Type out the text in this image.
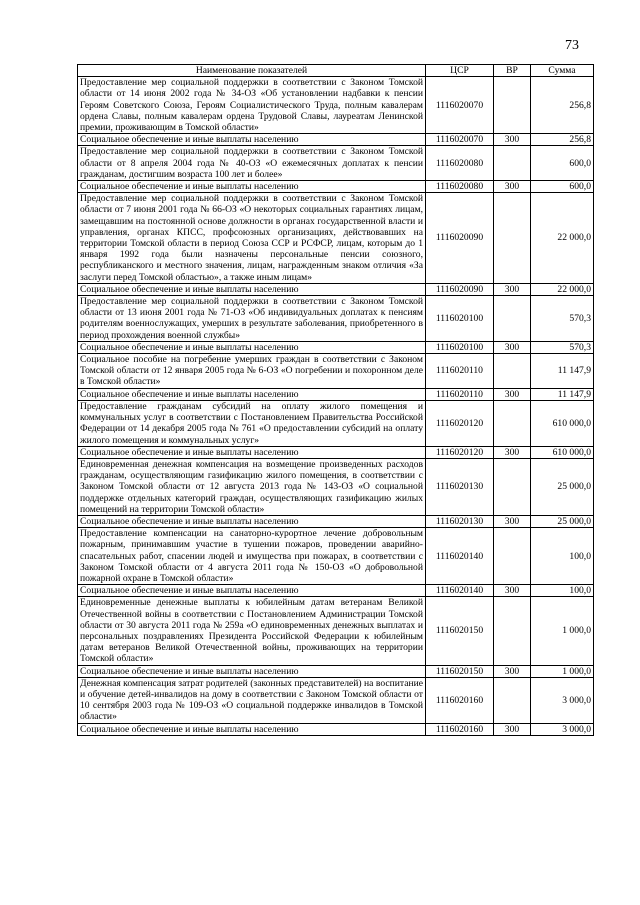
73
Наименование показателей	ЦСР	ВР	Сумма
Предоставление мер социальной поддержки в соответствии с Законом Томской области от 14 июня 2002 года № 34-ОЗ «Об установлении надбавки к пенсии Героям Советского Союза, Героям Социалистического Труда, полным кавалерам ордена Славы, полным кавалерам ордена Трудовой Славы, лауреатам Ленинской премии, проживающим в Томской области»	1116020070		256,8
Социальное обеспечение и иные выплаты населению	1116020070	300	256,8
Предоставление мер социальной поддержки в соответствии с Законом Томской области от 8 апреля 2004 года № 40-ОЗ «О ежемесячных доплатах к пенсии гражданам, достигшим возраста 100 лет и более»	1116020080		600,0
Социальное обеспечение и иные выплаты населению	1116020080	300	600,0
Предоставление мер социальной поддержки в соответствии с Законом Томской области от 7 июня 2001 года № 66-ОЗ «О некоторых социальных гарантиях лицам, замещавшим на постоянной основе должности в органах государственной власти и управления, органах КПСС, профсоюзных организациях, действовавших на территории Томской области в период Союза ССР и РСФСР, лицам, которым до 1 января 1992 года были назначены персональные пенсии союзного, республиканского и местного значения, лицам, награжденным знаком отличия «За заслуги перед Томской областью», а также иным лицам»	1116020090		22 000,0
Социальное обеспечение и иные выплаты населению	1116020090	300	22 000,0
Предоставление мер социальной поддержки в соответствии с Законом Томской области от 13 июня 2001 года № 71-ОЗ «Об индивидуальных доплатах к пенсиям родителям военнослужащих, умерших в результате заболевания, приобретенного в период прохождения военной службы»	1116020100		570,3
Социальное обеспечение и иные выплаты населению	1116020100	300	570,3
Социальное пособие на погребение умерших граждан в соответствии с Законом Томской области от 12 января 2005 года № 6-ОЗ «О погребении и похоронном деле в Томской области»	1116020110		11 147,9
Социальное обеспечение и иные выплаты населению	1116020110	300	11 147,9
Предоставление гражданам субсидий на оплату жилого помещения и коммунальных услуг в соответствии с Постановлением Правительства Российской Федерации от 14 декабря 2005 года № 761 «О предоставлении субсидий на оплату жилого помещения и коммунальных услуг»	1116020120		610 000,0
Социальное обеспечение и иные выплаты населению	1116020120	300	610 000,0
Единовременная денежная компенсация на возмещение произведенных расходов гражданам, осуществляющим газификацию жилого помещения, в соответствии с Законом Томской области от 12 августа 2013 года № 143-ОЗ «О социальной поддержке отдельных категорий граждан, осуществляющих газификацию жилых помещений на территории Томской области»	1116020130		25 000,0
Социальное обеспечение и иные выплаты населению	1116020130	300	25 000,0
Предоставление компенсации на санаторно-курортное лечение добровольным пожарным, принимавшим участие в тушении пожаров, проведении аварийно-спасательных работ, спасении людей и имущества при пожарах, в соответствии с Законом Томской области от 4 августа 2011 года № 150-ОЗ «О добровольной пожарной охране в Томской области»	1116020140		100,0
Социальное обеспечение и иные выплаты населению	1116020140	300	100,0
Единовременные денежные выплаты к юбилейным датам ветеранам Великой Отечественной войны в соответствии с Постановлением Администрации Томской области от 30 августа 2011 года № 259а «О единовременных денежных выплатах и персональных поздравлениях Президента Российской Федерации к юбилейным датам ветеранов Великой Отечественной войны, проживающих на территории Томской области»	1116020150		1 000,0
Социальное обеспечение и иные выплаты населению	1116020150	300	1 000,0
Денежная компенсация затрат родителей (законных представителей) на воспитание и обучение детей-инвалидов на дому в соответствии с Законом Томской области от 10 сентября 2003 года № 109-ОЗ «О социальной поддержке инвалидов в Томской области»	1116020160		3 000,0
Социальное обеспечение и иные выплаты населению	1116020160	300	3 000,0
